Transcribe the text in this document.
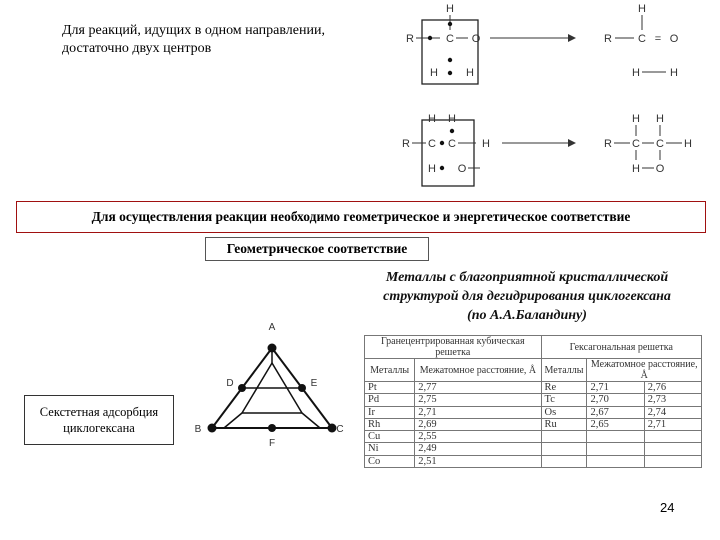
Для реакций, идущих в одном направлении,
достаточно двух центров
H
R	C O
H	H
H
R C = O
H	H
H H
R C C H
H O
H H
R C C H
H O
Для осуществления реакции необходимо геометрическое и энергетическое соответствие
Геометрическое соответствие
Металлы с благоприятной кристаллической
структурой для дегидрирования циклогексана
(по А.А.Баландину)
Секстетная адсорбция
циклогексана
A
D	E
B	C
F
Гранецентрированная кубическая решетка		Гексагональная решетка		
Металлы	Межатомное расстояние, Å	Металлы	Межатомное расстояние, Å	
Pt	2,77	Re	2,71	2,76
Pd	2,75	Tc	2,70	2,73
Ir	2,71	Os	2,67	2,74
Rh	2,69	Ru	2,65	2,71
Cu	2,55			
Ni	2,49			
Co	2,51			
24
